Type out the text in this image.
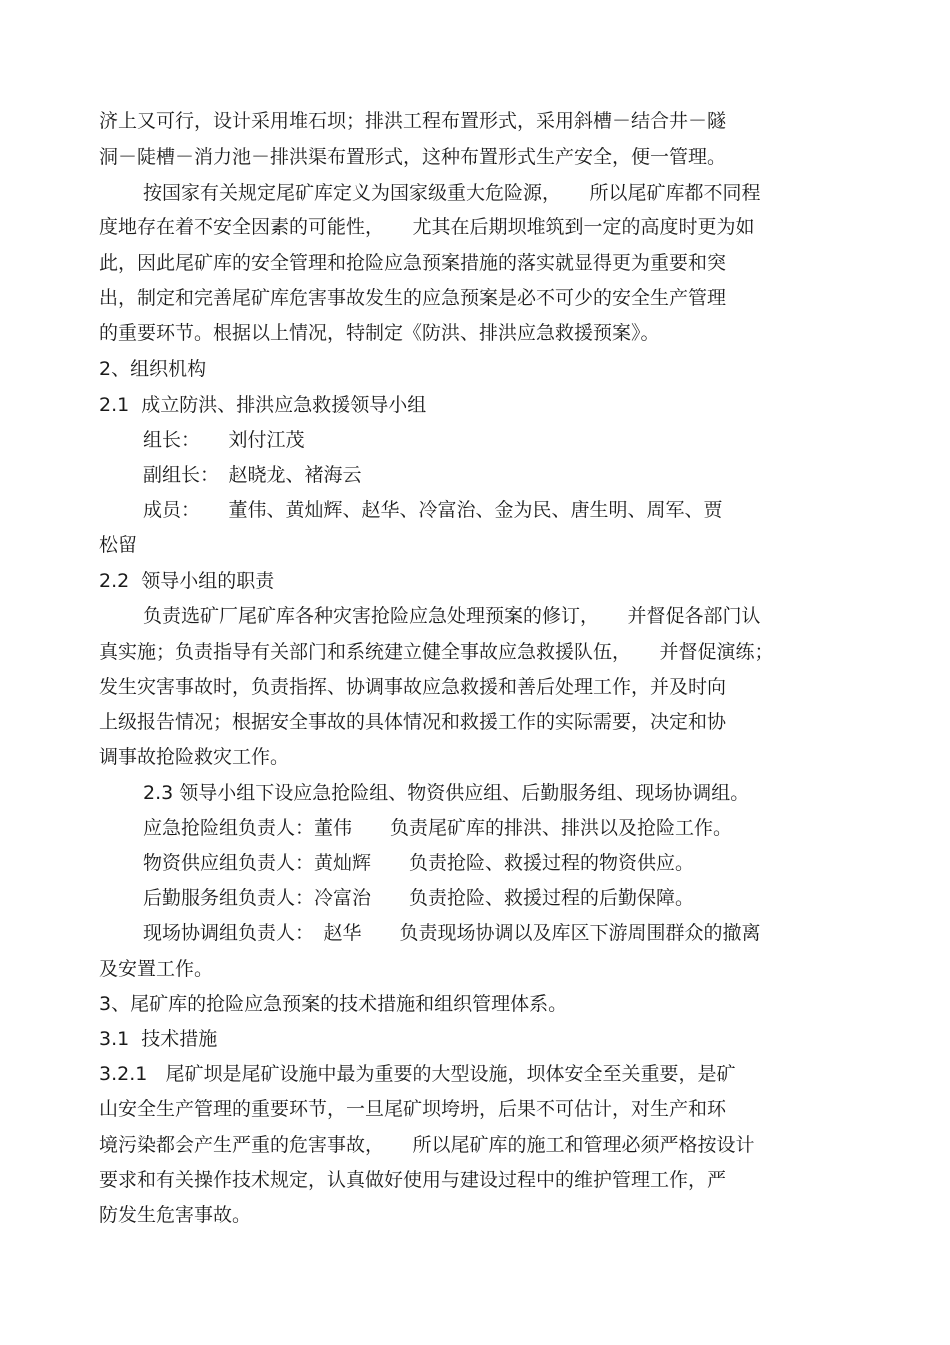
济上又可行，设计采用堆石坝；排洪工程布置形式，采用斜槽－结合井－隧

洞－陡槽－消力池－排洪渠布置形式，这种布置形式生产安全，便一管理。

按国家有关规定尾矿库定义为国家级重大危险源，　　所以尾矿库都不同程

度地存在着不安全因素的可能性，　　尤其在后期坝堆筑到一定的高度时更为如

此，因此尾矿库的安全管理和抢险应急预案措施的落实就显得更为重要和突

出，制定和完善尾矿库危害事故发生的应急预案是必不可少的安全生产管理

的重要环节。根据以上情况，特制定《防洪、排洪应急救援预案》。

2、组织机构

2.1  成立防洪、排洪应急救援领导小组

组长：　　刘付江茂

副组长：　赵晓龙、褚海云

成员：　　董伟、黄灿辉、赵华、冷富治、金为民、唐生明、周军、贾

松留

2.2  领导小组的职责

负责选矿厂尾矿库各种灾害抢险应急处理预案的修订，　　并督促各部门认

真实施；负责指导有关部门和系统建立健全事故应急救援队伍，　　并督促演练；

发生灾害事故时，负责指挥、协调事故应急救援和善后处理工作，并及时向

上级报告情况；根据安全事故的具体情况和救援工作的实际需要，决定和协

调事故抢险救灾工作。

2.3 领导小组下设应急抢险组、物资供应组、后勤服务组、现场协调组。

应急抢险组负责人：董伟　　负责尾矿库的排洪、排洪以及抢险工作。

物资供应组负责人：黄灿辉　　负责抢险、救援过程的物资供应。

后勤服务组负责人：冷富治　　负责抢险、救援过程的后勤保障。

现场协调组负责人：　赵华　　负责现场协调以及库区下游周围群众的撤离

及安置工作。

3、尾矿库的抢险应急预案的技术措施和组织管理体系。

3.1  技术措施

3.2.1   尾矿坝是尾矿设施中最为重要的大型设施，坝体安全至关重要，是矿

山安全生产管理的重要环节，一旦尾矿坝垮坍，后果不可估计，对生产和环

境污染都会产生严重的危害事故，　　所以尾矿库的施工和管理必须严格按设计

要求和有关操作技术规定，认真做好使用与建设过程中的维护管理工作，严

防发生危害事故。
